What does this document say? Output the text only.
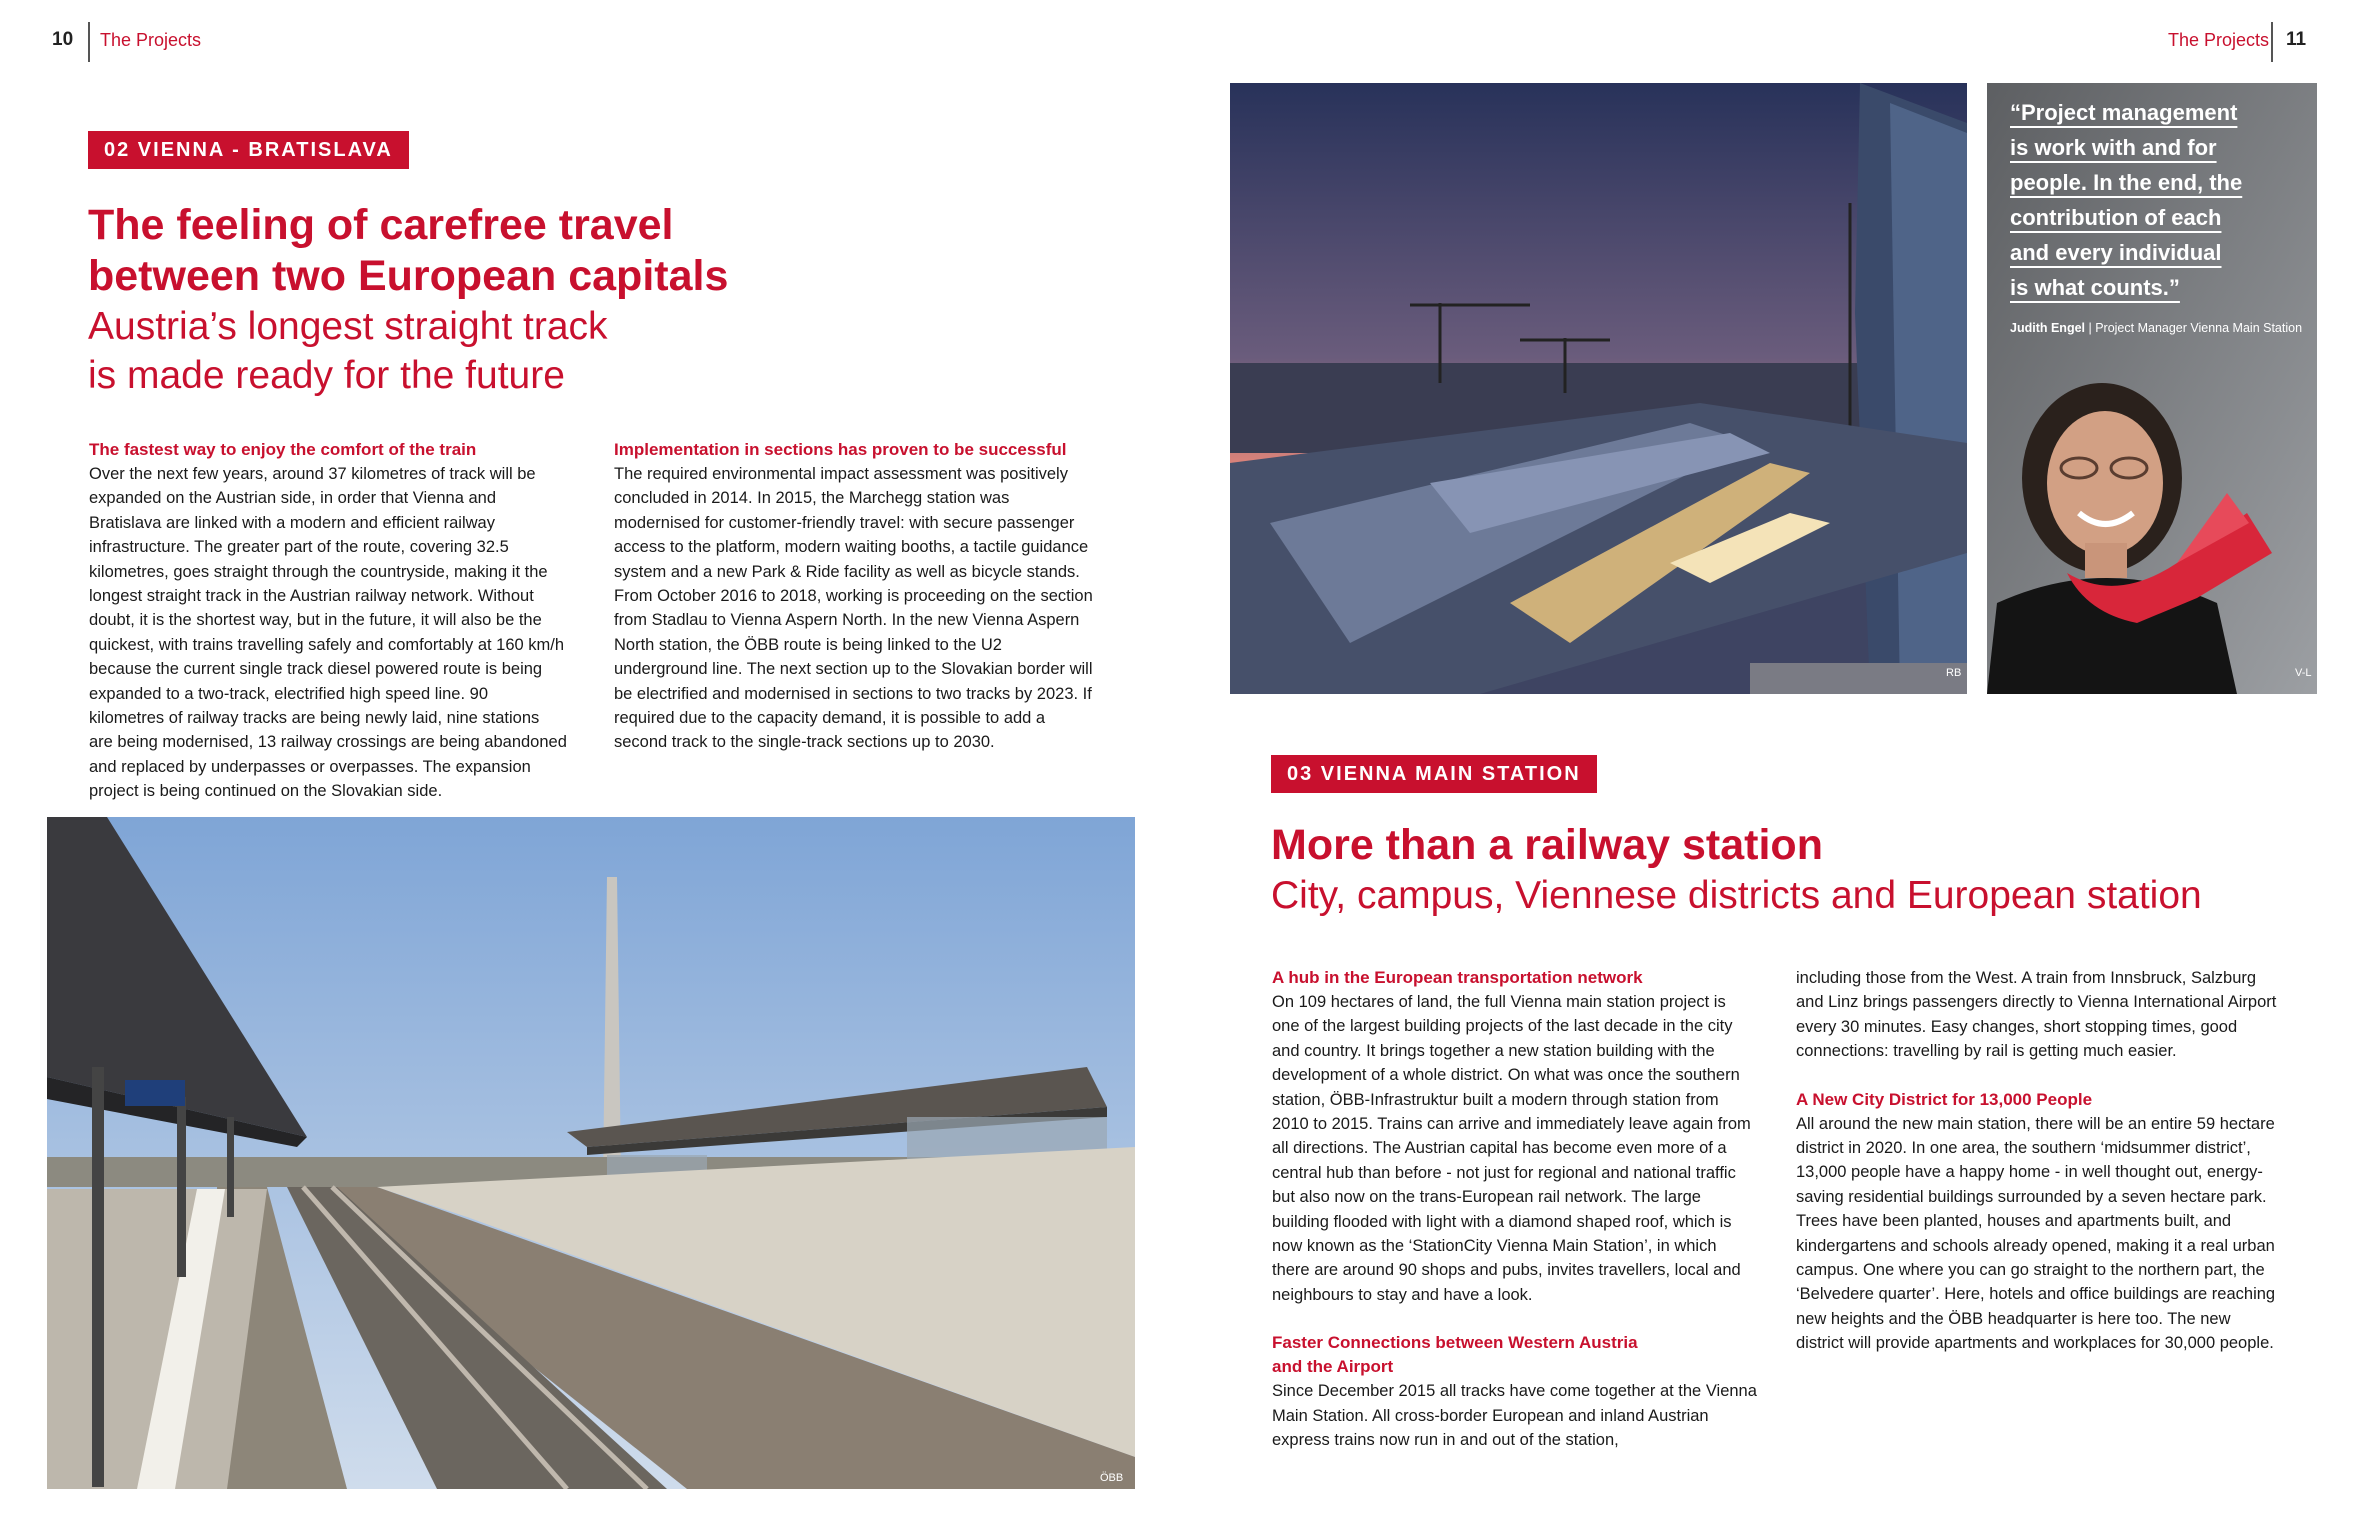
10 The Projects	The Projects 11
02 VIENNA - BRATISLAVA

The feeling of carefree travel

between two European capitals

Austria’s longest straight track

is made ready for the future

The fastest way to enjoy the comfort of the train

Over the next few years, around 37 kilometres of track will be expanded on the Austrian side, in order that Vienna and Bratislava are linked with a modern and efficient railway infrastructure. The greater part of the route, covering 32.5 kilometres, goes straight through the countryside, making it the longest straight track in the Austrian railway network. Without doubt, it is the shortest way, but in the future, it will also be the quickest, with trains travelling safely and comfortably at 160 km/h because the current single track diesel powered route is being expanded to a two-track, electrified high speed line. 90 kilometres of railway tracks are being newly laid, nine stations are being modernised, 13 railway crossings are being abandoned and replaced by underpasses or overpasses. The expansion project is being continued on the Slovakian side.

Implementation in sections has proven to be successful

The required environmental impact assessment was positively concluded in 2014. In 2015, the Marchegg station was modernised for customer-friendly travel: with secure passenger access to the platform, modern waiting booths, a tactile guidance system and a new Park & Ride facility as well as bicycle stands. From October 2016 to 2018, working is proceeding on the section from Stadlau to Vienna Aspern North. In the new Vienna Aspern North station, the ÖBB route is being linked to the U2 underground line. The next section up to the Slovakian border will be electrified and modernised in sections to two tracks by 2023. If required due to the capacity demand, it is possible to add a second track to the single-track sections up to 2030.

ÖBB
RB	V-L

“Project management

is work with and for

people. In the end, the

contribution of each

and every individual

is what counts.”

Judith Engel | Project Manager Vienna Main Station

03 VIENNA MAIN STATION

More than a railway station

City, campus, Viennese districts and European station

A hub in the European transportation network

On 109 hectares of land, the full Vienna main station project is one of the largest building projects of the last decade in the city and country. It brings together a new station building with the development of a whole district. On what was once the southern station, ÖBB-Infrastruktur built a modern through station from 2010 to 2015. Trains can arrive and immediately leave again from all directions. The Austrian capital has become even more of a central hub than before - not just for regional and national traffic but also now on the trans-European rail network. The large building flooded with light with a diamond shaped roof, which is now known as the ‘StationCity Vienna Main Station’, in which there are around 90 shops and pubs, invites travellers, local and neighbours to stay and have a look.

Faster Connections between Western Austria

and the Airport

Since December 2015 all tracks have come together at the Vienna Main Station. All cross-border European and inland Austrian express trains now run in and out of the station,

including those from the West. A train from Innsbruck, Salzburg and Linz brings passengers directly to Vienna International Airport every 30 minutes. Easy changes, short stopping times, good connections: travelling by rail is getting much easier.

A New City District for 13,000 People

All around the new main station, there will be an entire 59 hectare district in 2020. In one area, the southern ‘midsummer district’, 13,000 people have a happy home - in well thought out, energy-saving residential buildings surrounded by a seven hectare park. Trees have been planted, houses and apartments built, and kindergartens and schools already opened, making it a real urban campus. One where you can go straight to the northern part, the ‘Belvedere quarter’. Here, hotels and office buildings are reaching new heights and the ÖBB headquarter is here too. The new district will provide apartments and workplaces for 30,000 people.
